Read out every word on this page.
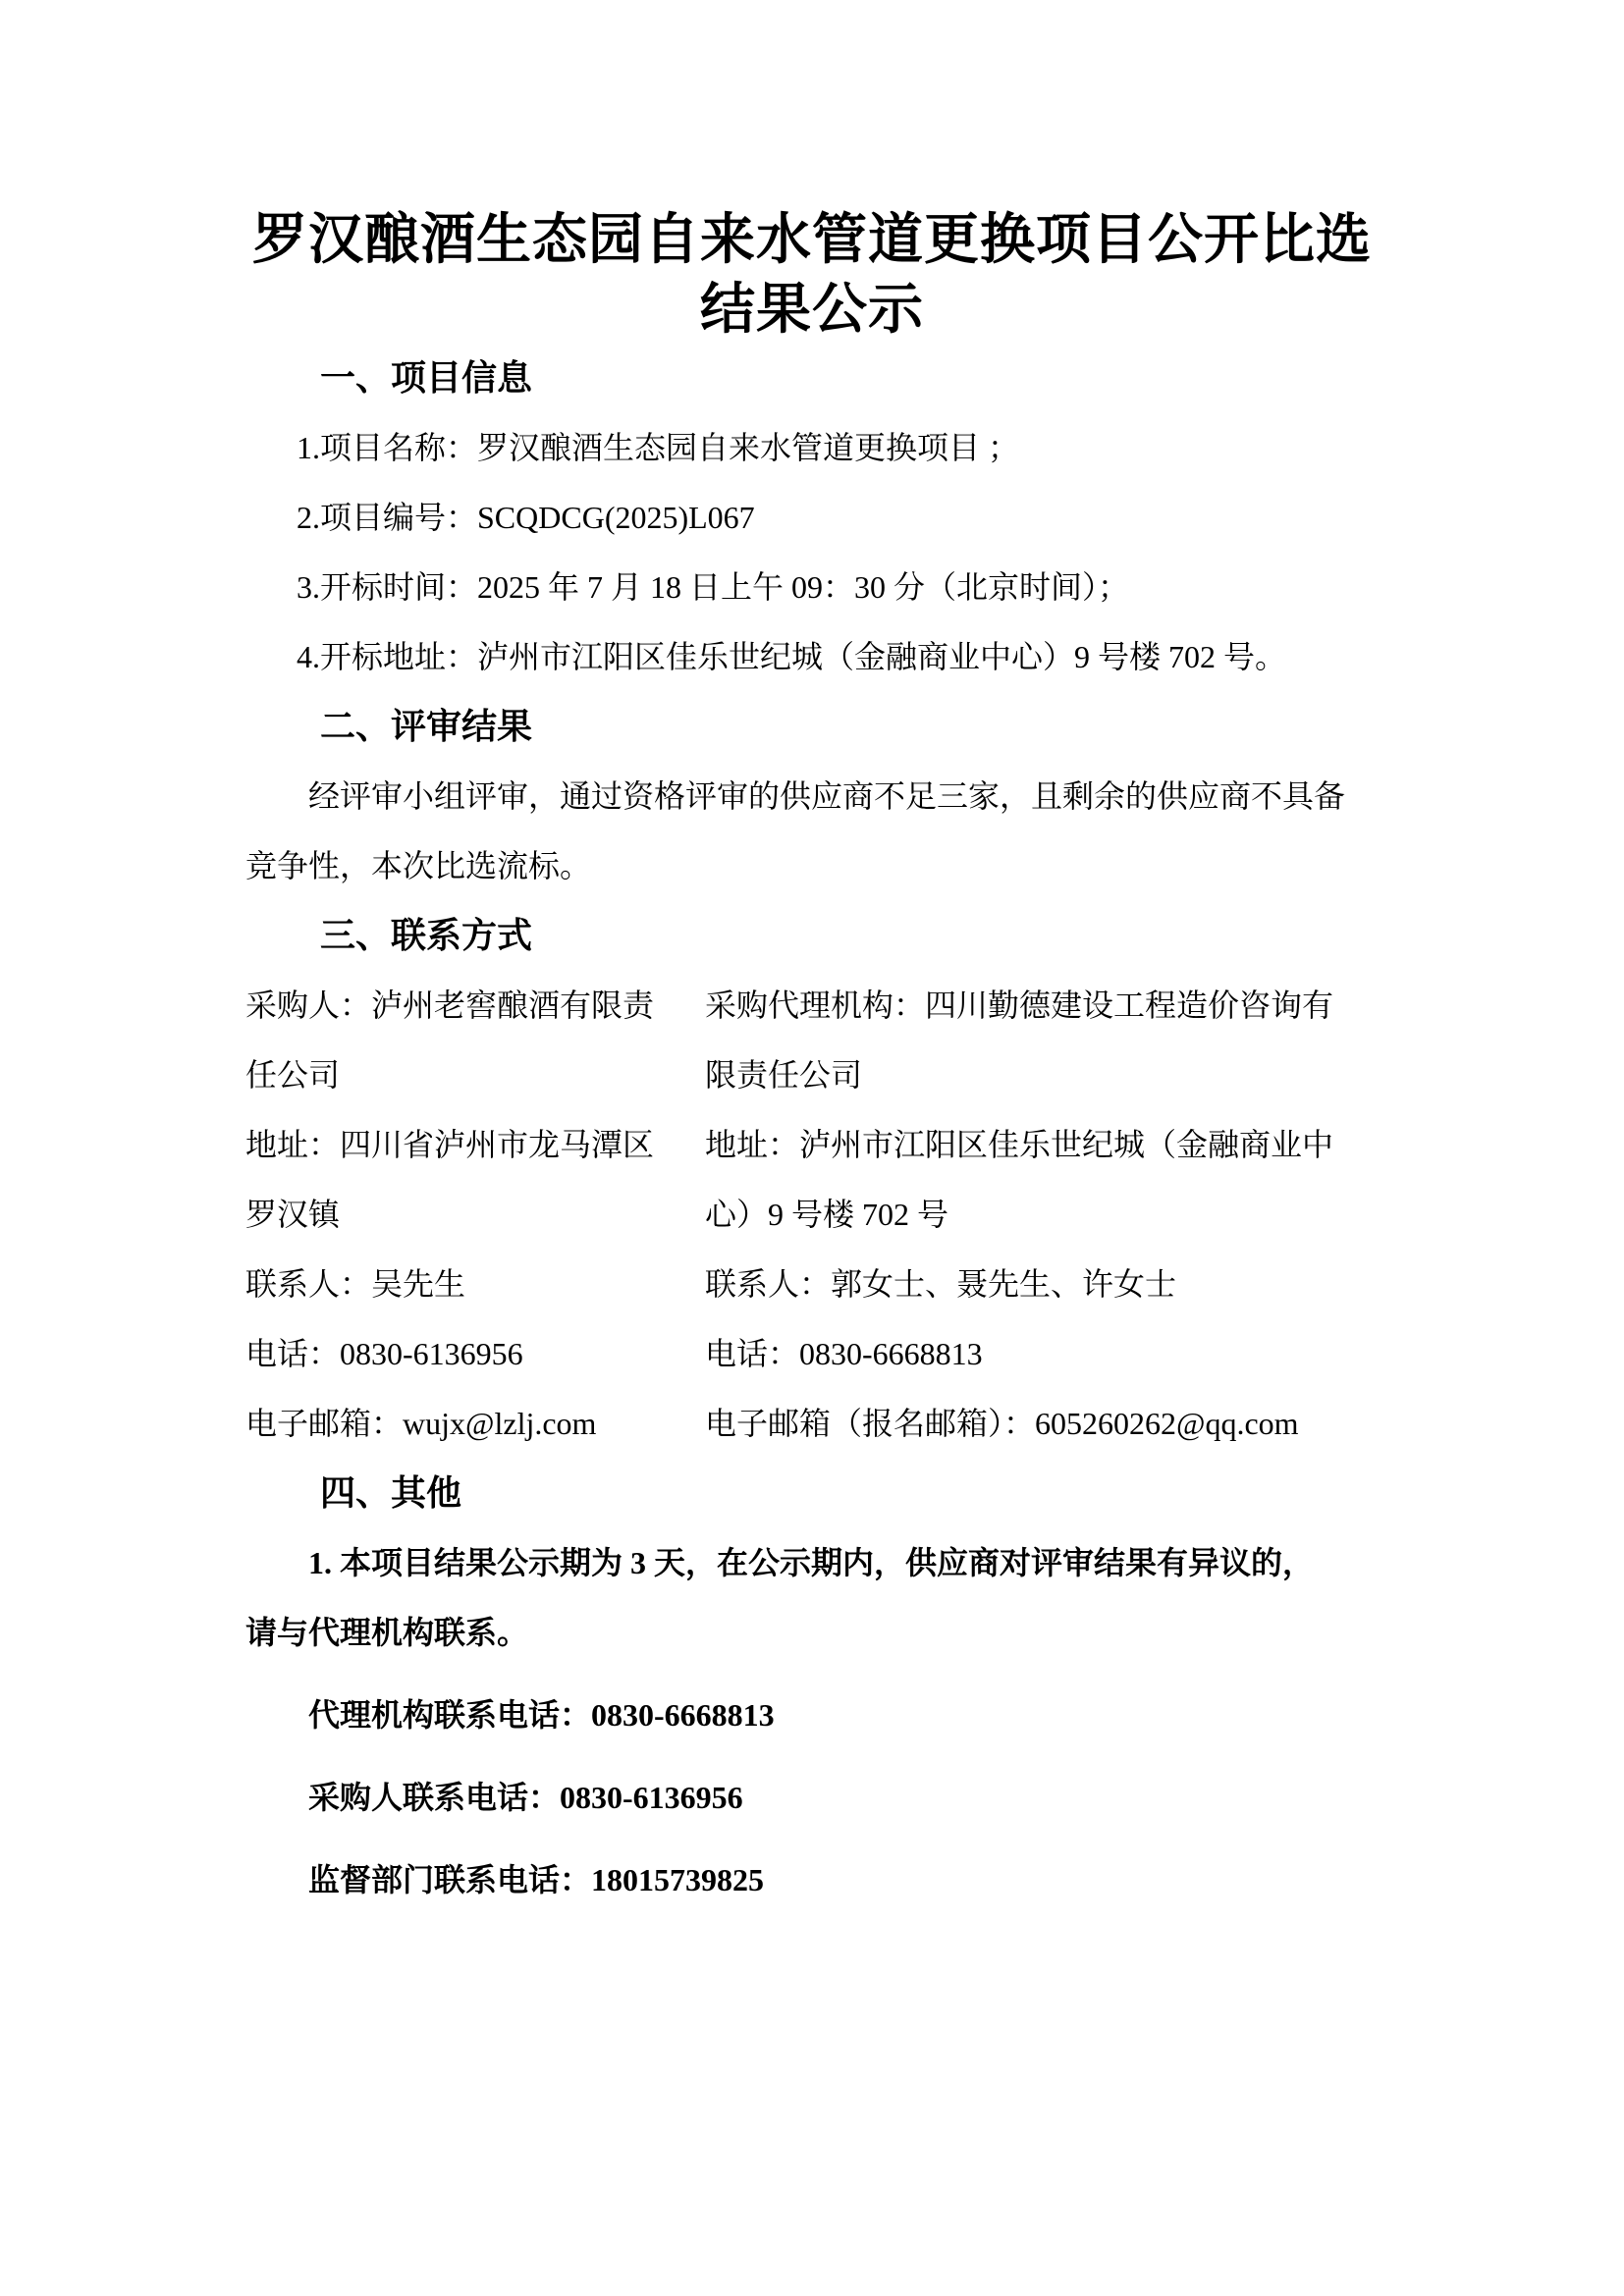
罗汉酿酒生态园自来水管道更换项目公开比选
结果公示
一、项目信息
1.项目名称：罗汉酿酒生态园自来水管道更换项目 ；
2.项目编号：SCQDCG(2025)L067
3.开标时间：2025 年 7 月 18 日上午 09：30 分（北京时间）；
4.开标地址：泸州市江阳区佳乐世纪城（金融商业中心）9 号楼 702 号。
二、评审结果
经评审小组评审，通过资格评审的供应商不足三家，且剩余的供应商不具备
竞争性，本次比选流标。
三、联系方式
采购人：泸州老窖酿酒有限责
任公司
地址：四川省泸州市龙马潭区
罗汉镇
联系人：吴先生
电话：0830-6136956
电子邮箱：wujx@lzlj.com
采购代理机构：四川勤德建设工程造价咨询有
限责任公司
地址：泸州市江阳区佳乐世纪城（金融商业中
心）9 号楼 702 号
联系人：郭女士、聂先生、许女士
电话：0830-6668813
电子邮箱（报名邮箱）：605260262@qq.com
四、其他
1. 本项目结果公示期为 3 天，在公示期内，供应商对评审结果有异议的，
请与代理机构联系。
代理机构联系电话：0830-6668813
采购人联系电话：0830-6136956
监督部门联系电话：18015739825
